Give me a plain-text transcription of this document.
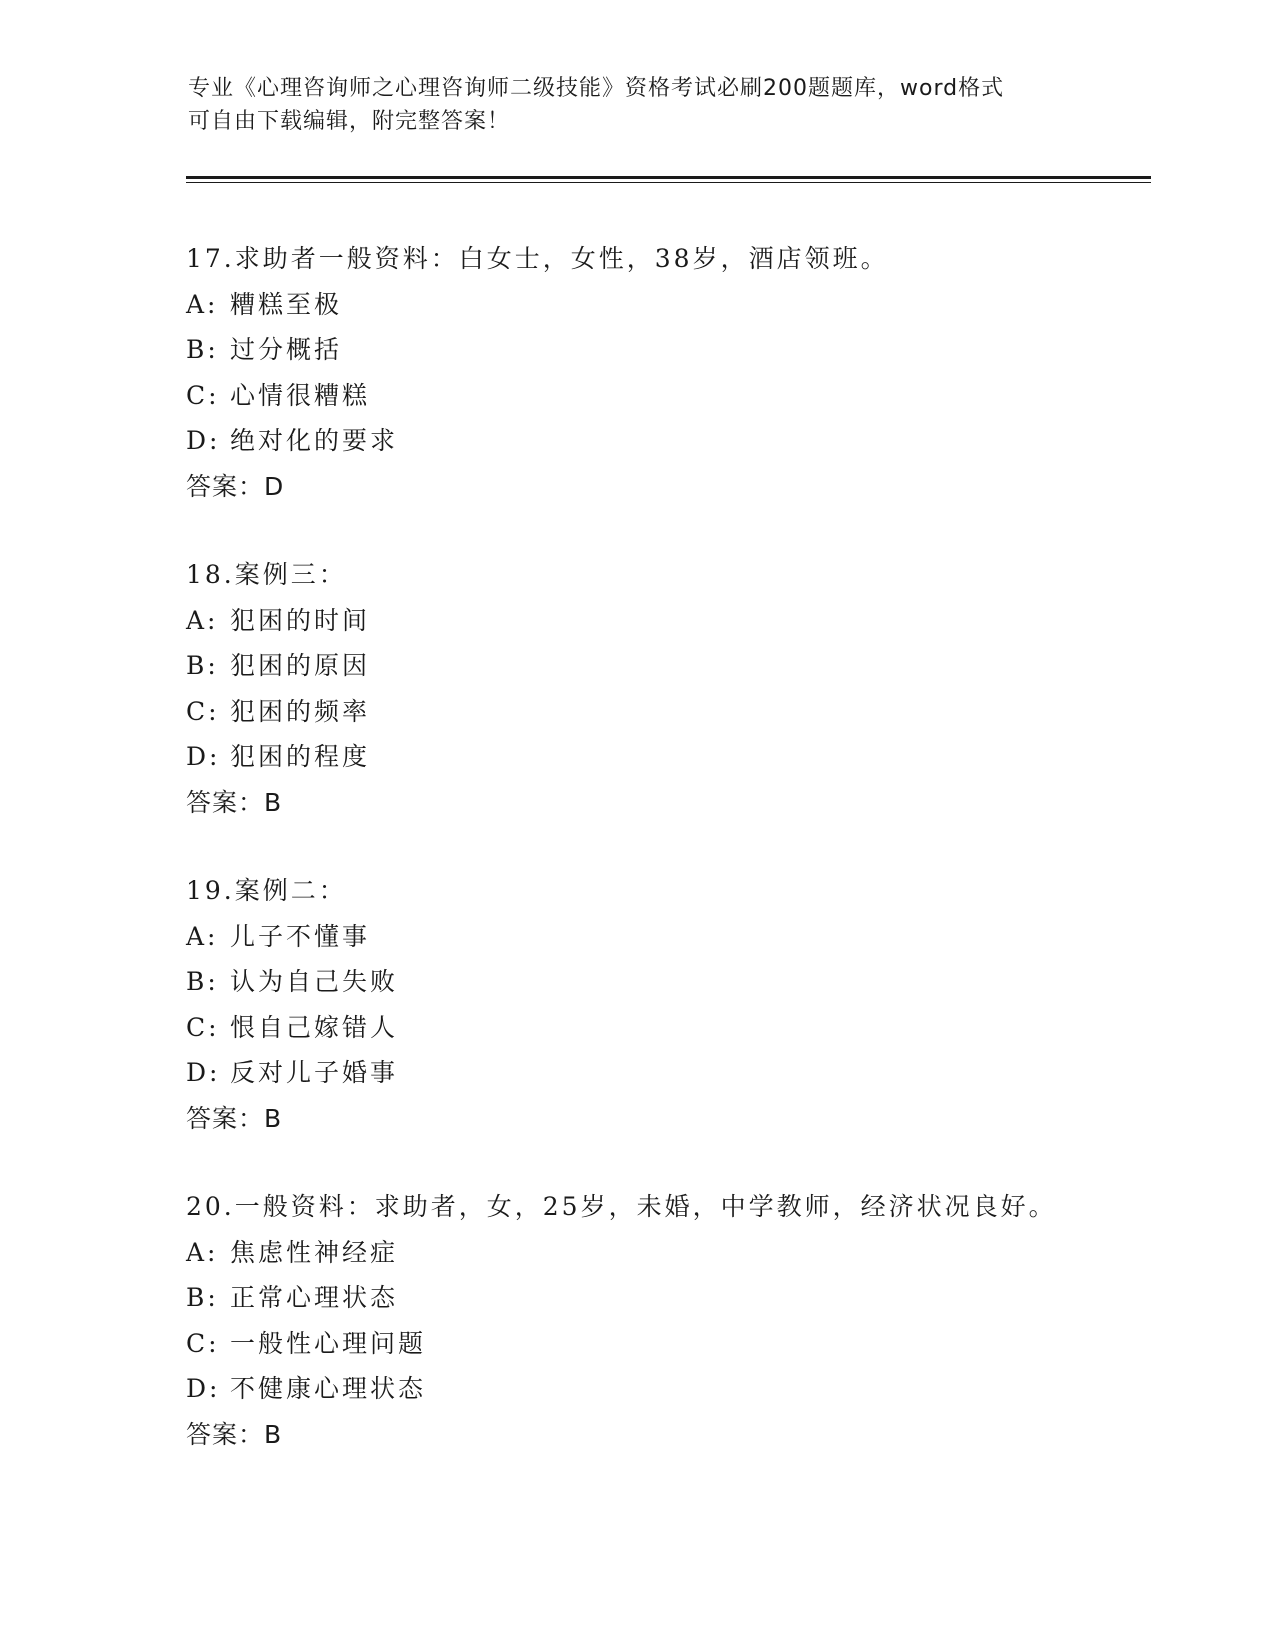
专业《心理咨询师之心理咨询师二级技能》资格考试必刷200题题库，word格式
可自由下载编辑，附完整答案！
17.求助者一般资料：白女士，女性，38岁，酒店领班。
A: 糟糕至极
B: 过分概括
C: 心情很糟糕
D: 绝对化的要求
答案：D
18.案例三：
A: 犯困的时间
B: 犯困的原因
C: 犯困的频率
D: 犯困的程度
答案：B
19.案例二：
A: 儿子不懂事
B: 认为自己失败
C: 恨自己嫁错人
D: 反对儿子婚事
答案：B
20.一般资料：求助者，女，25岁，未婚，中学教师，经济状况良好。
A: 焦虑性神经症
B: 正常心理状态
C: 一般性心理问题
D: 不健康心理状态
答案：B
